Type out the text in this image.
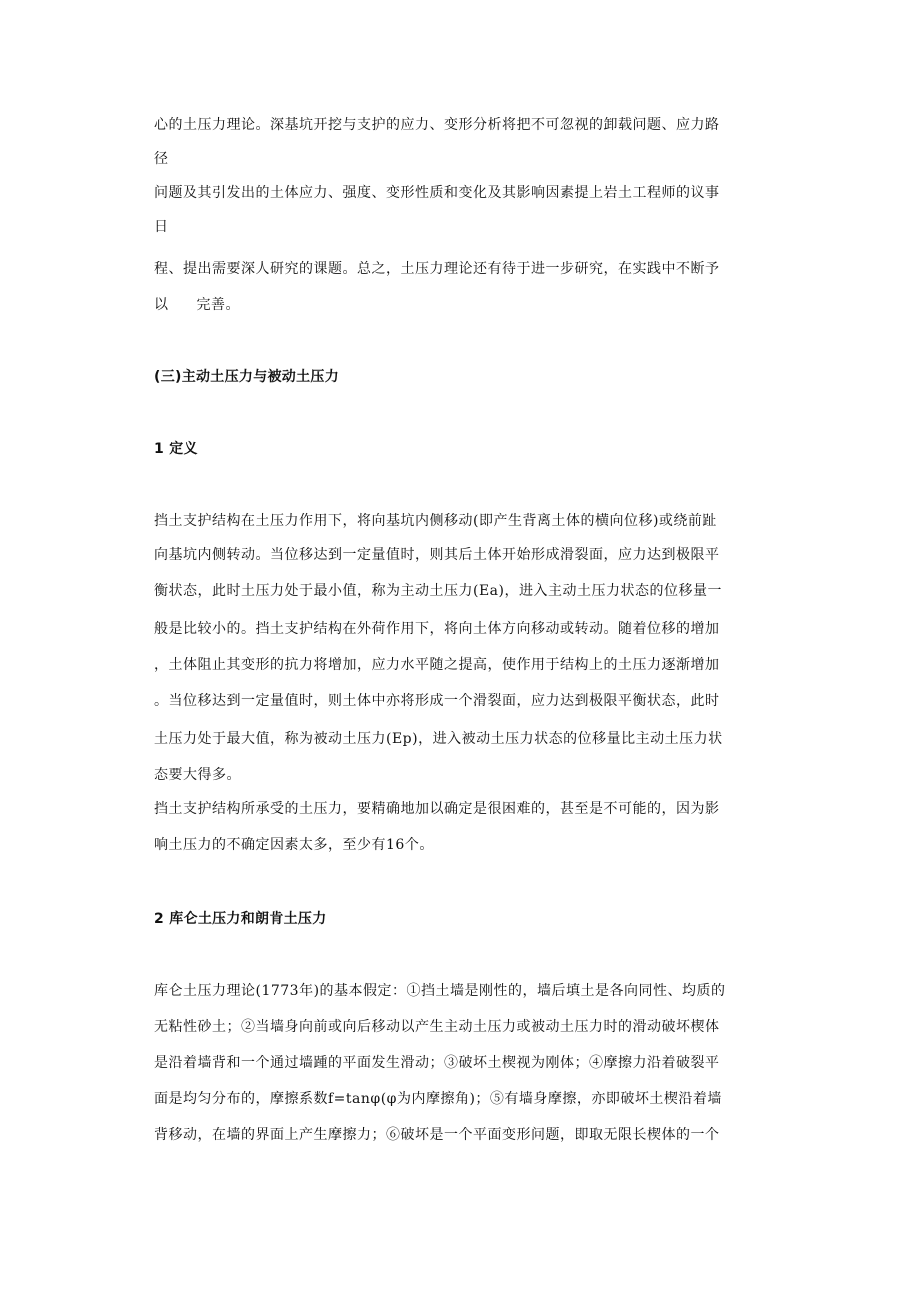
心的土压力理论。深基坑开挖与支护的应力、变形分析将把不可忽视的卸载问题、应力路
径
问题及其引发出的土体应力、强度、变形性质和变化及其影响因素提上岩土工程师的议事
日
程、提出需要深人研究的课题。总之，土压力理论还有待于进一步研究，在实践中不断予
以 完善。
(三)主动土压力与被动土压力
1 定义
挡土支护结构在土压力作用下，将向基坑内侧移动(即产生背离土体的横向位移)或绕前趾
向基坑内侧转动。当位移达到一定量值时，则其后土体开始形成滑裂面，应力达到极限平
衡状态，此时土压力处于最小值，称为主动土压力(Ea)，进入主动土压力状态的位移量一
般是比较小的。挡土支护结构在外荷作用下，将向土体方向移动或转动。随着位移的增加
，土体阻止其变形的抗力将增加，应力水平随之提高，使作用于结构上的土压力逐渐增加
。当位移达到一定量值时，则土体中亦将形成一个滑裂面，应力达到极限平衡状态，此时
土压力处于最大值，称为被动土压力(Ep)，进入被动土压力状态的位移量比主动土压力状
态要大得多。
挡土支护结构所承受的土压力，要精确地加以确定是很困难的，甚至是不可能的，因为影
响土压力的不确定因素太多，至少有16个。
2 库仑土压力和朗肯土压力
库仑土压力理论(1773年)的基本假定：①挡土墙是刚性的，墙后填土是各向同性、均质的
无粘性砂土；②当墙身向前或向后移动以产生主动土压力或被动土压力时的滑动破坏楔体
是沿着墙背和一个通过墙踵的平面发生滑动；③破坏土楔视为刚体；④摩擦力沿着破裂平
面是均匀分布的，摩擦系数f=tanφ(φ为内摩擦角)；⑤有墙身摩擦，亦即破坏土楔沿着墙
背移动，在墙的界面上产生摩擦力；⑥破坏是一个平面变形问题，即取无限长楔体的一个
